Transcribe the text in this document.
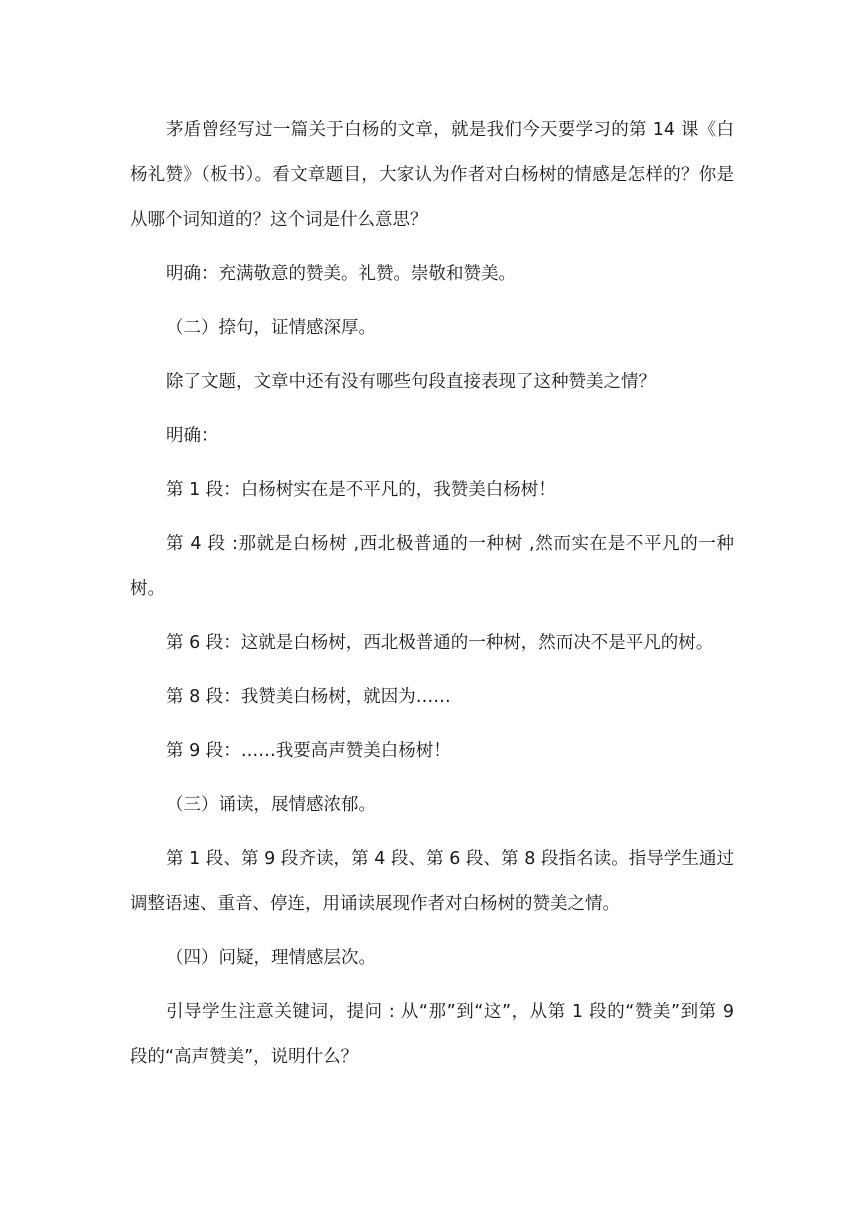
茅盾曾经写过一篇关于白杨的文章，就是我们今天要学习的第 14 课《白杨礼赞》（板书）。看文章题目，大家认为作者对白杨树的情感是怎样的？你是从哪个词知道的？这个词是什么意思？

明确：充满敬意的赞美。礼赞。崇敬和赞美。

（二）捺句，证情感深厚。

除了文题，文章中还有没有哪些句段直接表现了这种赞美之情？

明确：

第 1 段：白杨树实在是不平凡的，我赞美白杨树！

第 4 段 :那就是白杨树 ,西北极普通的一种树 ,然而实在是不平凡的一种树。

第 6 段：这就是白杨树，西北极普通的一种树，然而决不是平凡的树。

第 8 段：我赞美白杨树，就因为……

第 9 段：……我要高声赞美白杨树！

（三）诵读，展情感浓郁。

第 1 段、第 9 段齐读，第 4 段、第 6 段、第 8 段指名读。指导学生通过调整语速、重音、停连，用诵读展现作者对白杨树的赞美之情。

（四）问疑，理情感层次。

引导学生注意关键词，提问 : 从“那”到“这”，从第 1 段的“赞美”到第 9 段的“高声赞美”，说明什么？
